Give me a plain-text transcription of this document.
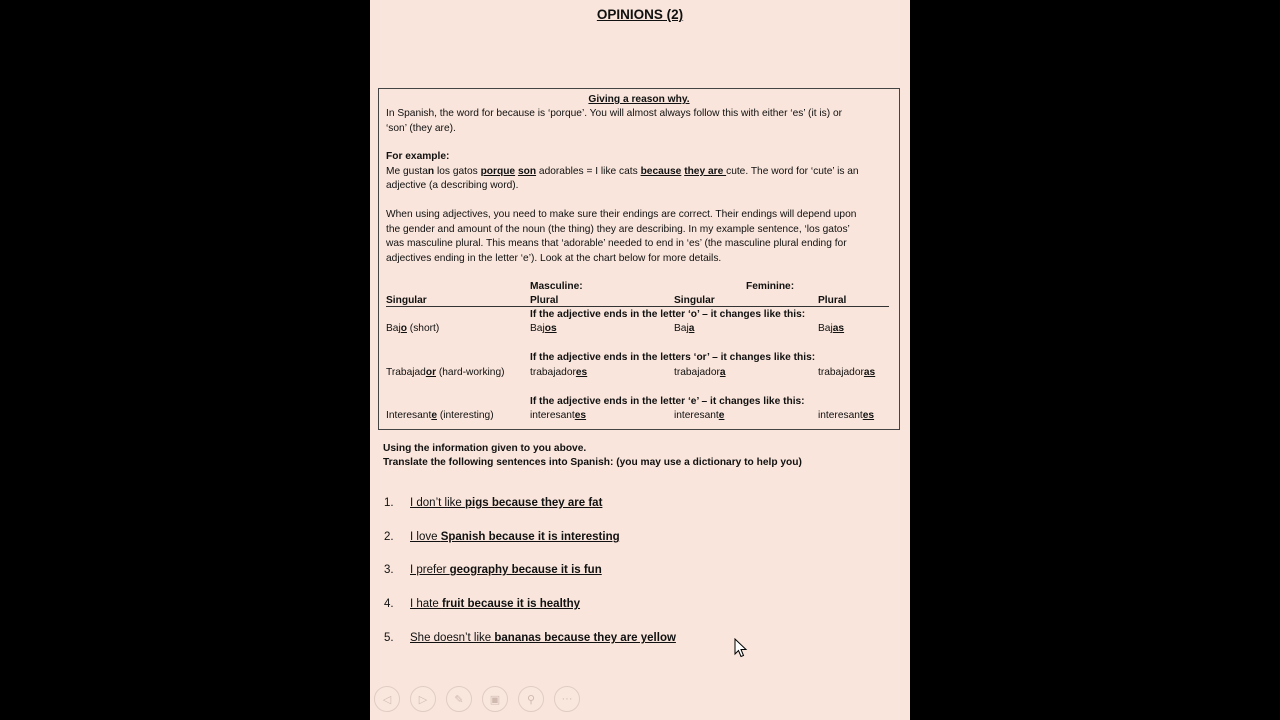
OPINIONS (2)
Giving a reason why.
In Spanish, the word for because is ‘porque’. You will almost always follow this with either ‘es’ (it is) or
‘son’ (they are).
For example:
Me gustan los gatos porque son adorables = I like cats because they are cute. The word for ‘cute’ is an
adjective (a describing word).
When using adjectives, you need to make sure their endings are correct. Their endings will depend upon
the gender and amount of the noun (the thing) they are describing. In my example sentence, ‘los gatos’
was masculine plural. This means that ‘adorable’ needed to end in ‘es’ (the masculine plural ending for
adjectives ending in the letter ‘e’). Look at the chart below for more details.
Masculine:	Feminine:
Singular	Plural	Singular	Plural
If the adjective ends in the letter ‘o’ – it changes like this:
Bajo (short)	Bajos	Baja	Bajas
If the adjective ends in the letters ‘or’ – it changes like this:
Trabajador (hard-working) trabajadores	trabajadora	trabajadoras
If the adjective ends in the letter ‘e’ – it changes like this:
Interesante (interesting)	interesantes	interesante	interesantes
Using the information given to you above.
Translate the following sentences into Spanish: (you may use a dictionary to help you)
1. I don’t like pigs because they are fat
2. I love Spanish because it is interesting
3. I prefer geography because it is fun
4. I hate fruit because it is healthy
5. She doesn’t like bananas because they are yellow
◁	▷	✎	▣	⚲	···
